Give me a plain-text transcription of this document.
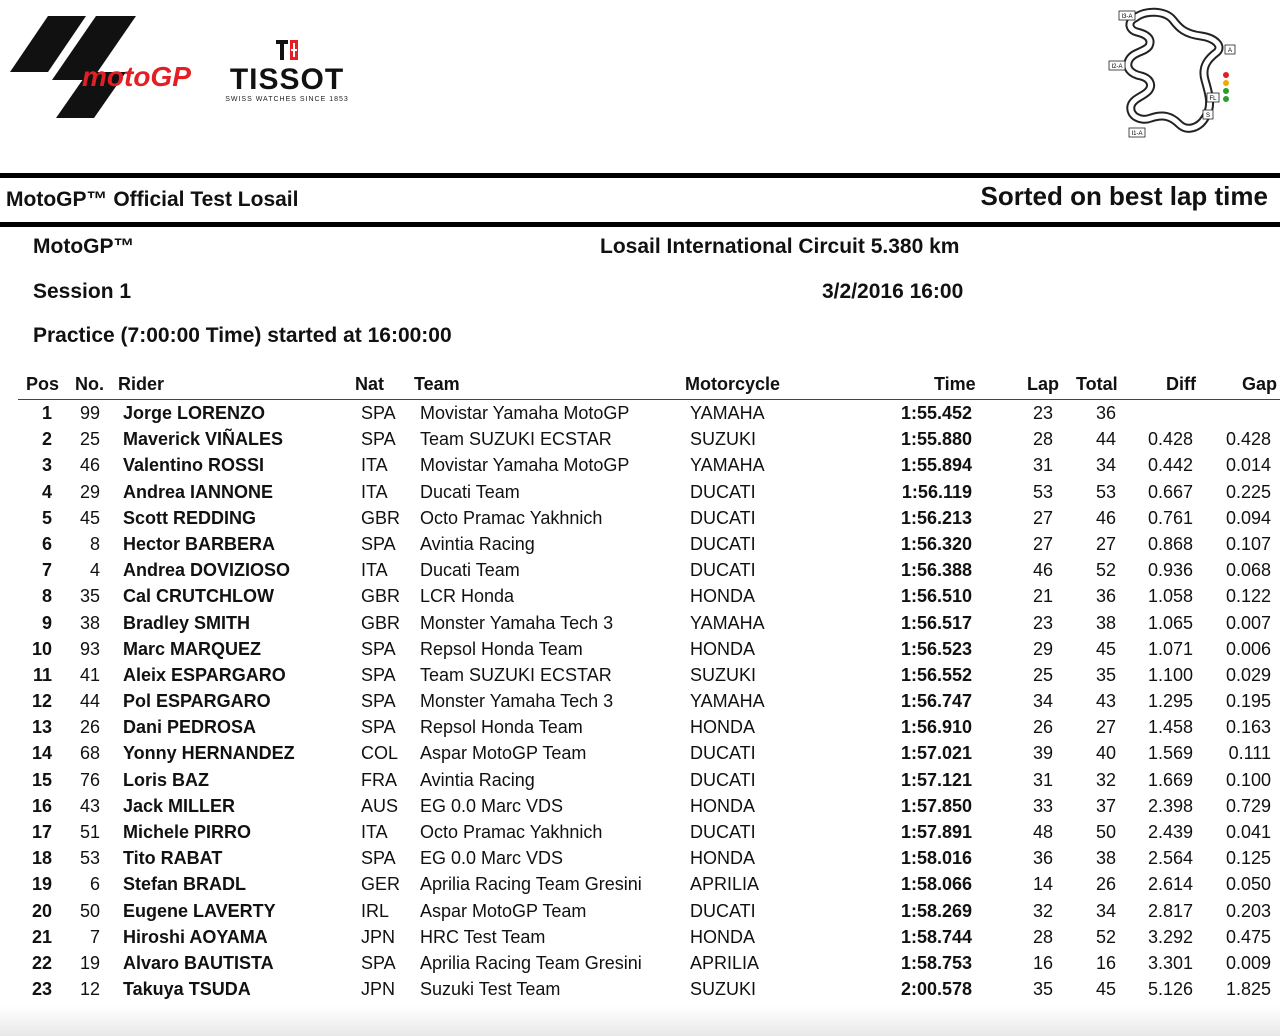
motoGP TISSOT
SWISS WATCHES SINCE 1853
I3-A
I2-A
I1-A
A
FL
S
MotoGP™ Official Test Losail	Sorted on best lap time
MotoGP™	Losail International Circuit 5.380 km
Session 1	3/2/2016 16:00
Practice (7:00:00 Time) started at 16:00:00
Pos No. Rider	Nat Team	Motorcycle	Time	Lap Total	Diff	Gap
1	99 Jorge LORENZO	SPA Movistar Yamaha MotoGP	YAMAHA	1:55.452	23	36
2	25 Maverick VIÑALES	SPA Team SUZUKI ECSTAR	SUZUKI	1:55.880	28	44	0.428	0.428
3	46 Valentino ROSSI	ITA Movistar Yamaha MotoGP	YAMAHA	1:55.894	31	34	0.442	0.014
4	29 Andrea IANNONE	ITA Ducati Team	DUCATI	1:56.119	53	53	0.667	0.225
5	45 Scott REDDING	GBR Octo Pramac Yakhnich	DUCATI	1:56.213	27	46	0.761	0.094
6	8 Hector BARBERA	SPA Avintia Racing	DUCATI	1:56.320	27	27	0.868	0.107
7	4 Andrea DOVIZIOSO	ITA Ducati Team	DUCATI	1:56.388	46	52	0.936	0.068
8	35 Cal CRUTCHLOW	GBR LCR Honda	HONDA	1:56.510	21	36	1.058	0.122
9	38 Bradley SMITH	GBR Monster Yamaha Tech 3	YAMAHA	1:56.517	23	38	1.065	0.007
10	93 Marc MARQUEZ	SPA Repsol Honda Team	HONDA	1:56.523	29	45	1.071	0.006
11	41 Aleix ESPARGARO	SPA Team SUZUKI ECSTAR	SUZUKI	1:56.552	25	35	1.100	0.029
12	44 Pol ESPARGARO	SPA Monster Yamaha Tech 3	YAMAHA	1:56.747	34	43	1.295	0.195
13	26 Dani PEDROSA	SPA Repsol Honda Team	HONDA	1:56.910	26	27	1.458	0.163
14	68 Yonny HERNANDEZ	COL Aspar MotoGP Team	DUCATI	1:57.021	39	40	1.569	0.111
15	76 Loris BAZ	FRA Avintia Racing	DUCATI	1:57.121	31	32	1.669	0.100
16	43 Jack MILLER	AUS EG 0.0 Marc VDS	HONDA	1:57.850	33	37	2.398	0.729
17	51 Michele PIRRO	ITA Octo Pramac Yakhnich	DUCATI	1:57.891	48	50	2.439	0.041
18	53 Tito RABAT	SPA EG 0.0 Marc VDS	HONDA	1:58.016	36	38	2.564	0.125
19	6 Stefan BRADL	GER Aprilia Racing Team Gresini	APRILIA	1:58.066	14	26	2.614	0.050
20	50 Eugene LAVERTY	IRL Aspar MotoGP Team	DUCATI	1:58.269	32	34	2.817	0.203
21	7 Hiroshi AOYAMA	JPN HRC Test Team	HONDA	1:58.744	28	52	3.292	0.475
22	19 Alvaro BAUTISTA	SPA Aprilia Racing Team Gresini	APRILIA	1:58.753	16	16	3.301	0.009
23	12 Takuya TSUDA	JPN Suzuki Test Team	SUZUKI	2:00.578	35	45	5.126	1.825
